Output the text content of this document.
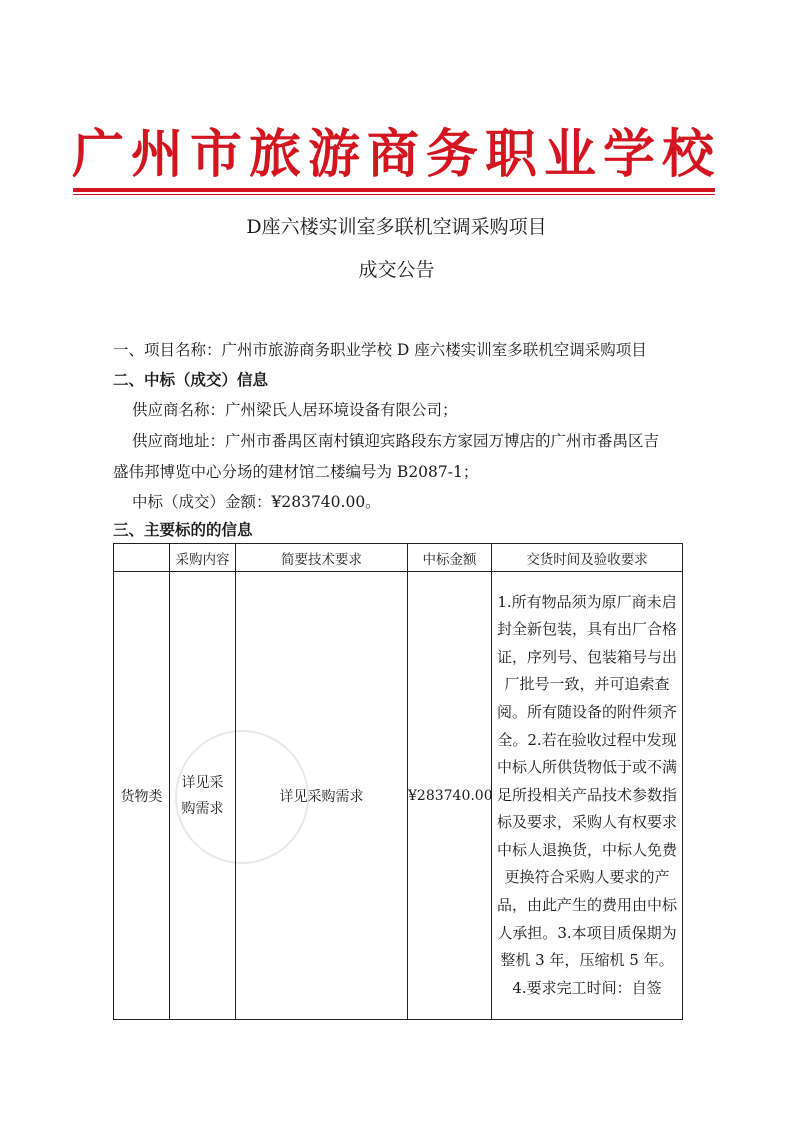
广州市旅游商务职业学校
D座六楼实训室多联机空调采购项目
成交公告
一、项目名称：广州市旅游商务职业学校 D 座六楼实训室多联机空调采购项目
二、中标（成交）信息
供应商名称：广州梁氏人居环境设备有限公司；
供应商地址：广州市番禺区南村镇迎宾路段东方家园万博店的广州市番禺区吉
盛伟邦博览中心分场的建材馆二楼编号为 B2087-1；
中标（成交）金额：¥283740.00。
三、主要标的的信息
	采购内容	简要技术要求	中标金额	交货时间及验收要求
货物类	详见采购需求	详见采购需求	¥283740.00	1.所有物品须为原厂商未启封全新包装，具有出厂合格证，序列号、包装箱号与出厂批号一致，并可追索查阅。所有随设备的附件须齐全。2.若在验收过程中发现中标人所供货物低于或不满足所投相关产品技术参数指标及要求，采购人有权要求中标人退换货，中标人免费更换符合采购人要求的产品，由此产生的费用由中标人承担。3.本项目质保期为整机 3 年，压缩机 5 年。4.要求完工时间：自签
